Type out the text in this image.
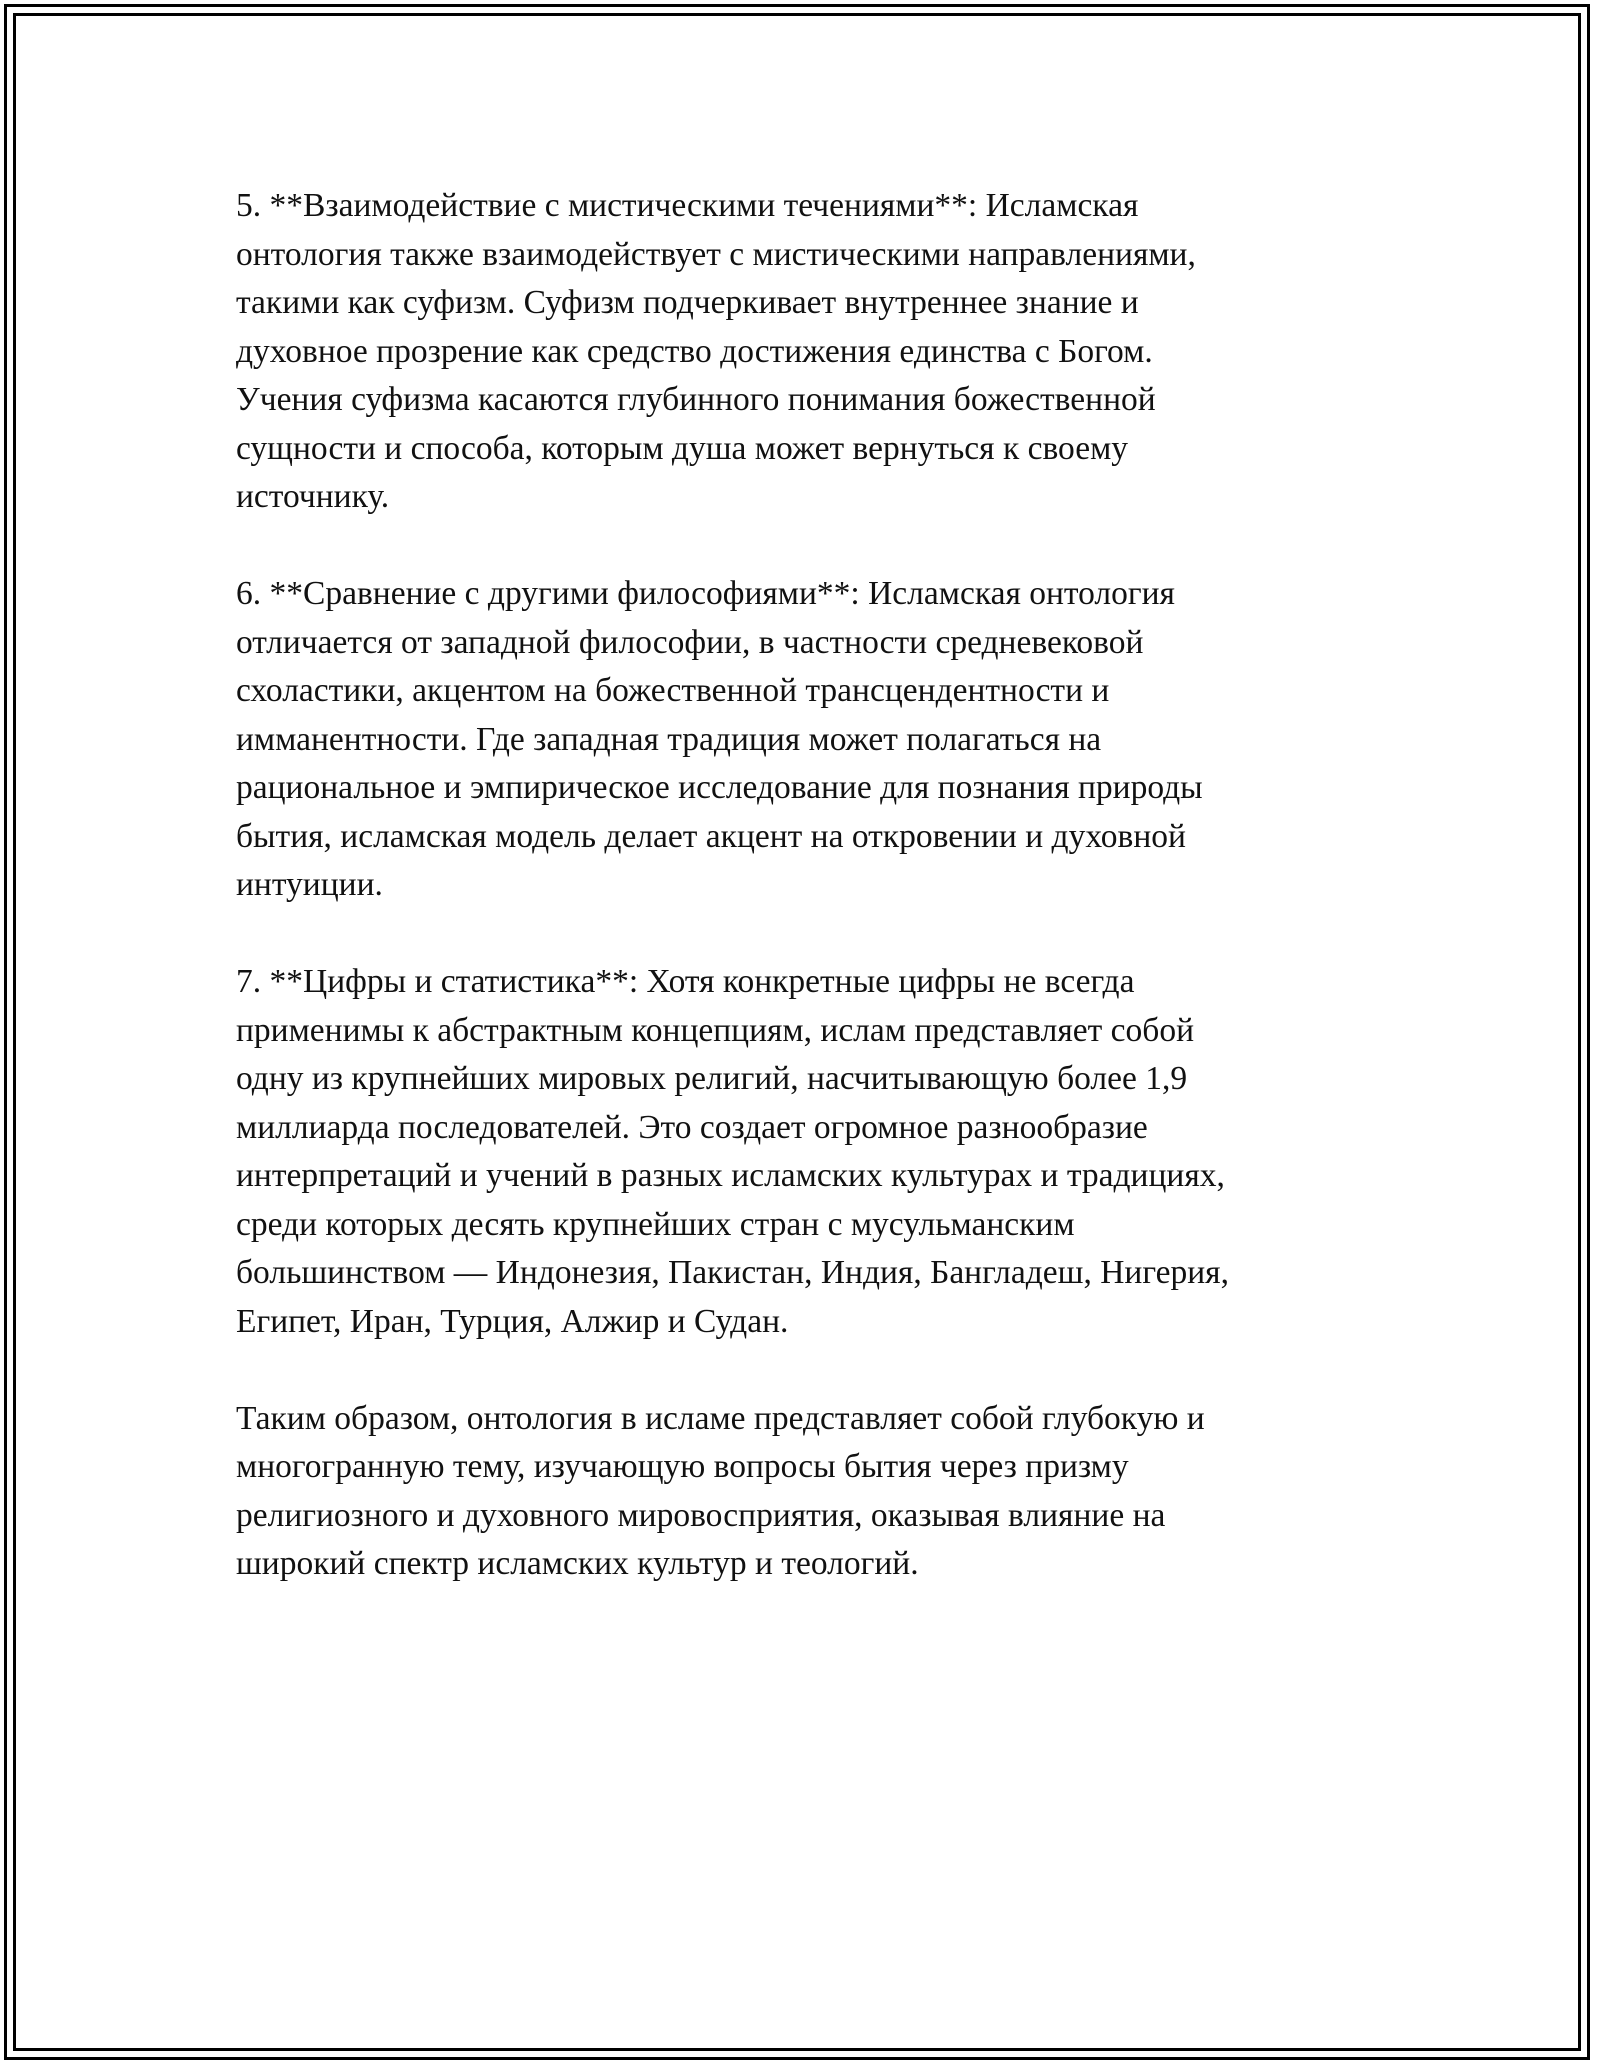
5. **Взаимодействие с мистическими течениями**: Исламская
онтология также взаимодействует с мистическими направлениями,
такими как суфизм. Суфизм подчеркивает внутреннее знание и
духовное прозрение как средство достижения единства с Богом.
Учения суфизма касаются глубинного понимания божественной
сущности и способа, которым душа может вернуться к своему
источнику.

6. **Сравнение с другими философиями**: Исламская онтология
отличается от западной философии, в частности средневековой
схоластики, акцентом на божественной трансцендентности и
имманентности. Где западная традиция может полагаться на
рациональное и эмпирическое исследование для познания природы
бытия, исламская модель делает акцент на откровении и духовной
интуиции.

7. **Цифры и статистика**: Хотя конкретные цифры не всегда
применимы к абстрактным концепциям, ислам представляет собой
одну из крупнейших мировых религий, насчитывающую более 1,9
миллиарда последователей. Это создает огромное разнообразие
интерпретаций и учений в разных исламских культурах и традициях,
среди которых десять крупнейших стран с мусульманским
большинством — Индонезия, Пакистан, Индия, Бангладеш, Нигерия,
Египет, Иран, Турция, Алжир и Судан.

Таким образом, онтология в исламе представляет собой глубокую и
многогранную тему, изучающую вопросы бытия через призму
религиозного и духовного мировосприятия, оказывая влияние на
широкий спектр исламских культур и теологий.
